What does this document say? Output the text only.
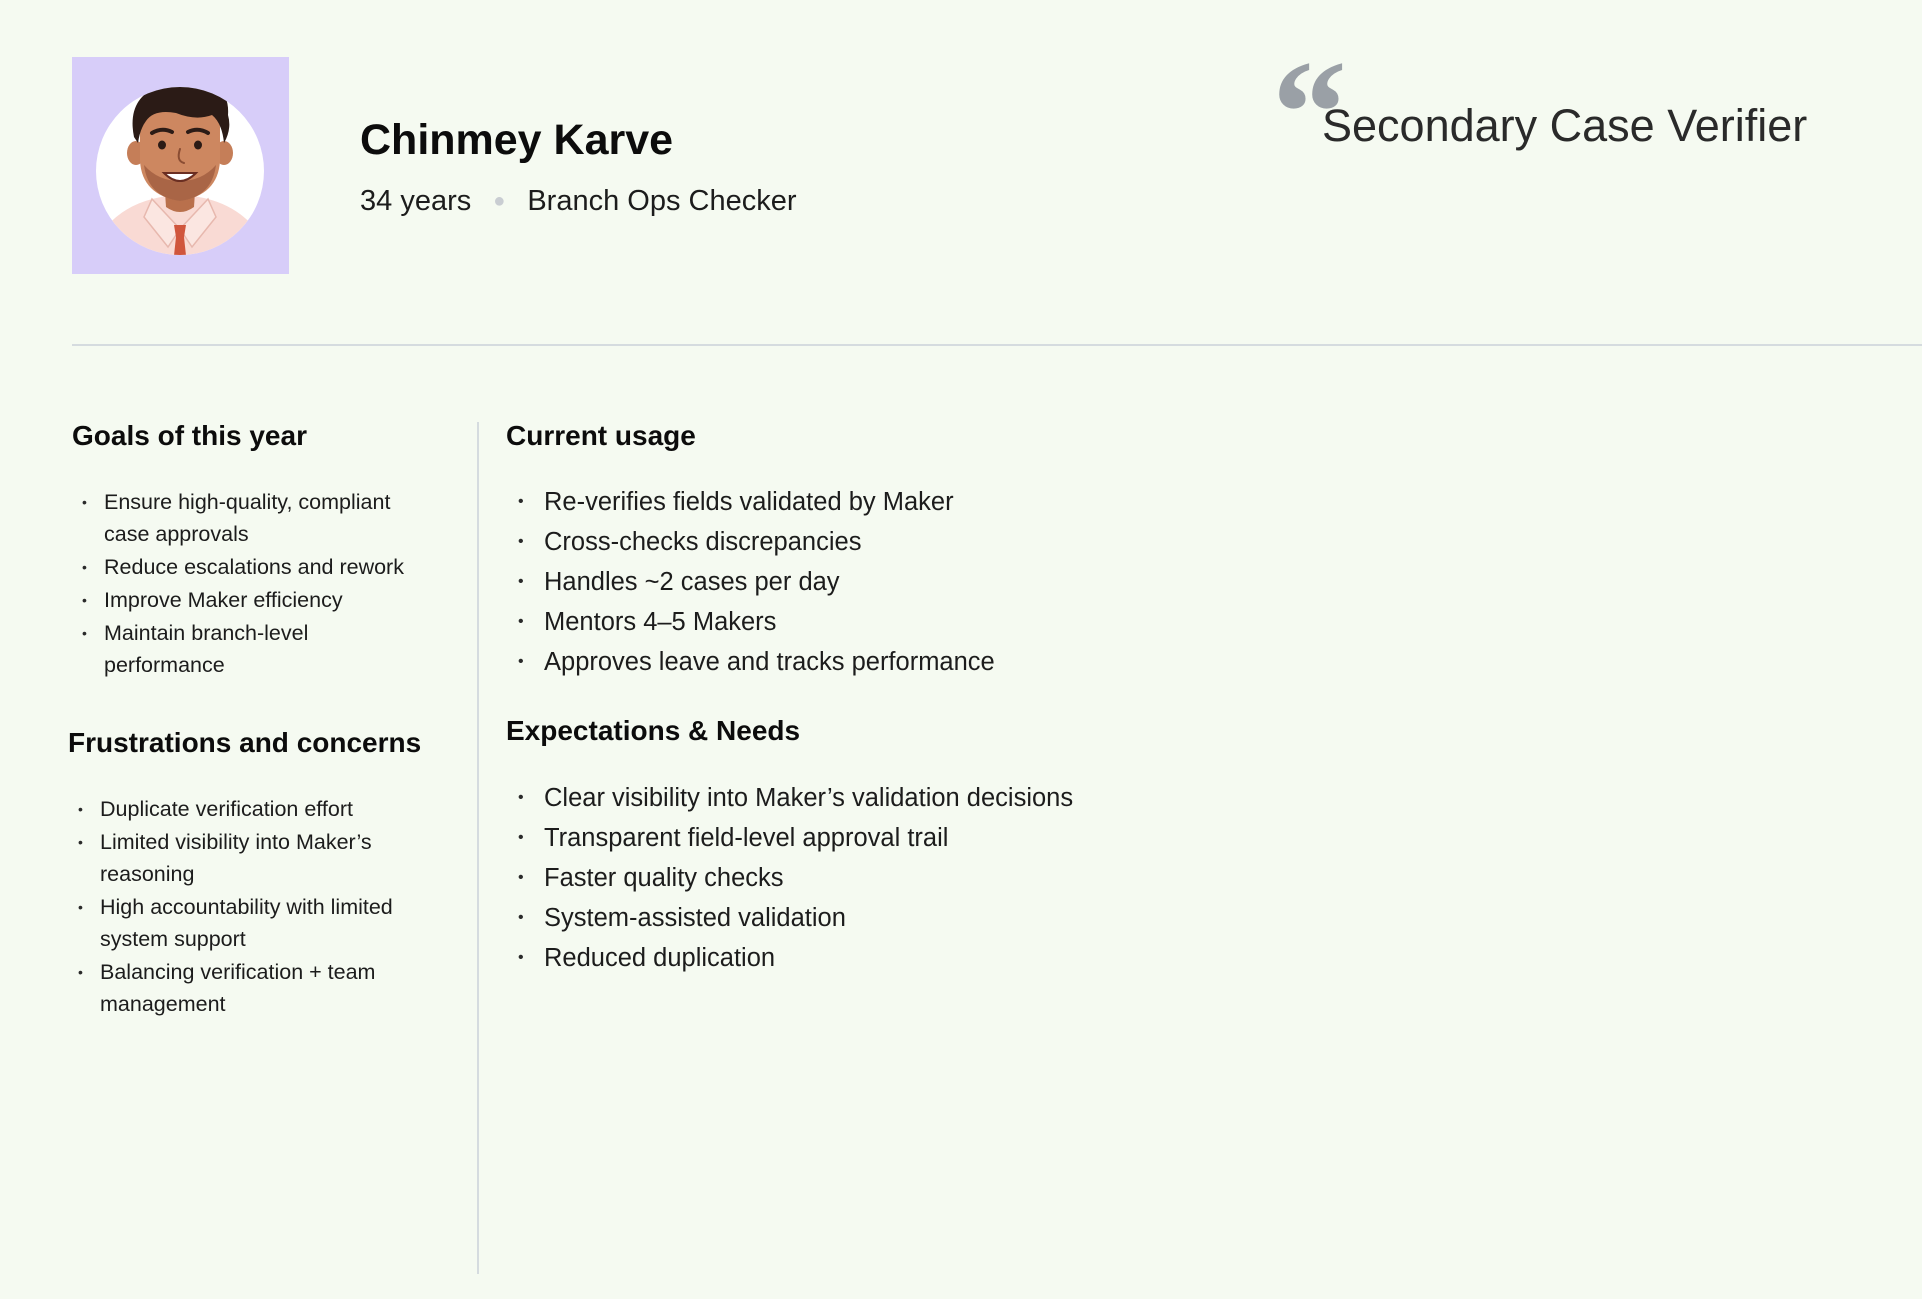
Chinmey Karve
34 years ● Branch Ops Checker
“
Secondary Case Verifier
Goals of this year
• Ensure high-quality, compliant case approvals
• Reduce escalations and rework
• Improve Maker efficiency
• Maintain branch-level performance
Frustrations and concerns
• Duplicate verification effort
• Limited visibility into Maker’s reasoning
• High accountability with limited system support
• Balancing verification + team management
Current usage
• Re-verifies fields validated by Maker
• Cross-checks discrepancies
• Handles ~2 cases per day
• Mentors 4–5 Makers
• Approves leave and tracks performance
Expectations & Needs
• Clear visibility into Maker’s validation decisions
• Transparent field-level approval trail
• Faster quality checks
• System-assisted validation
• Reduced duplication
